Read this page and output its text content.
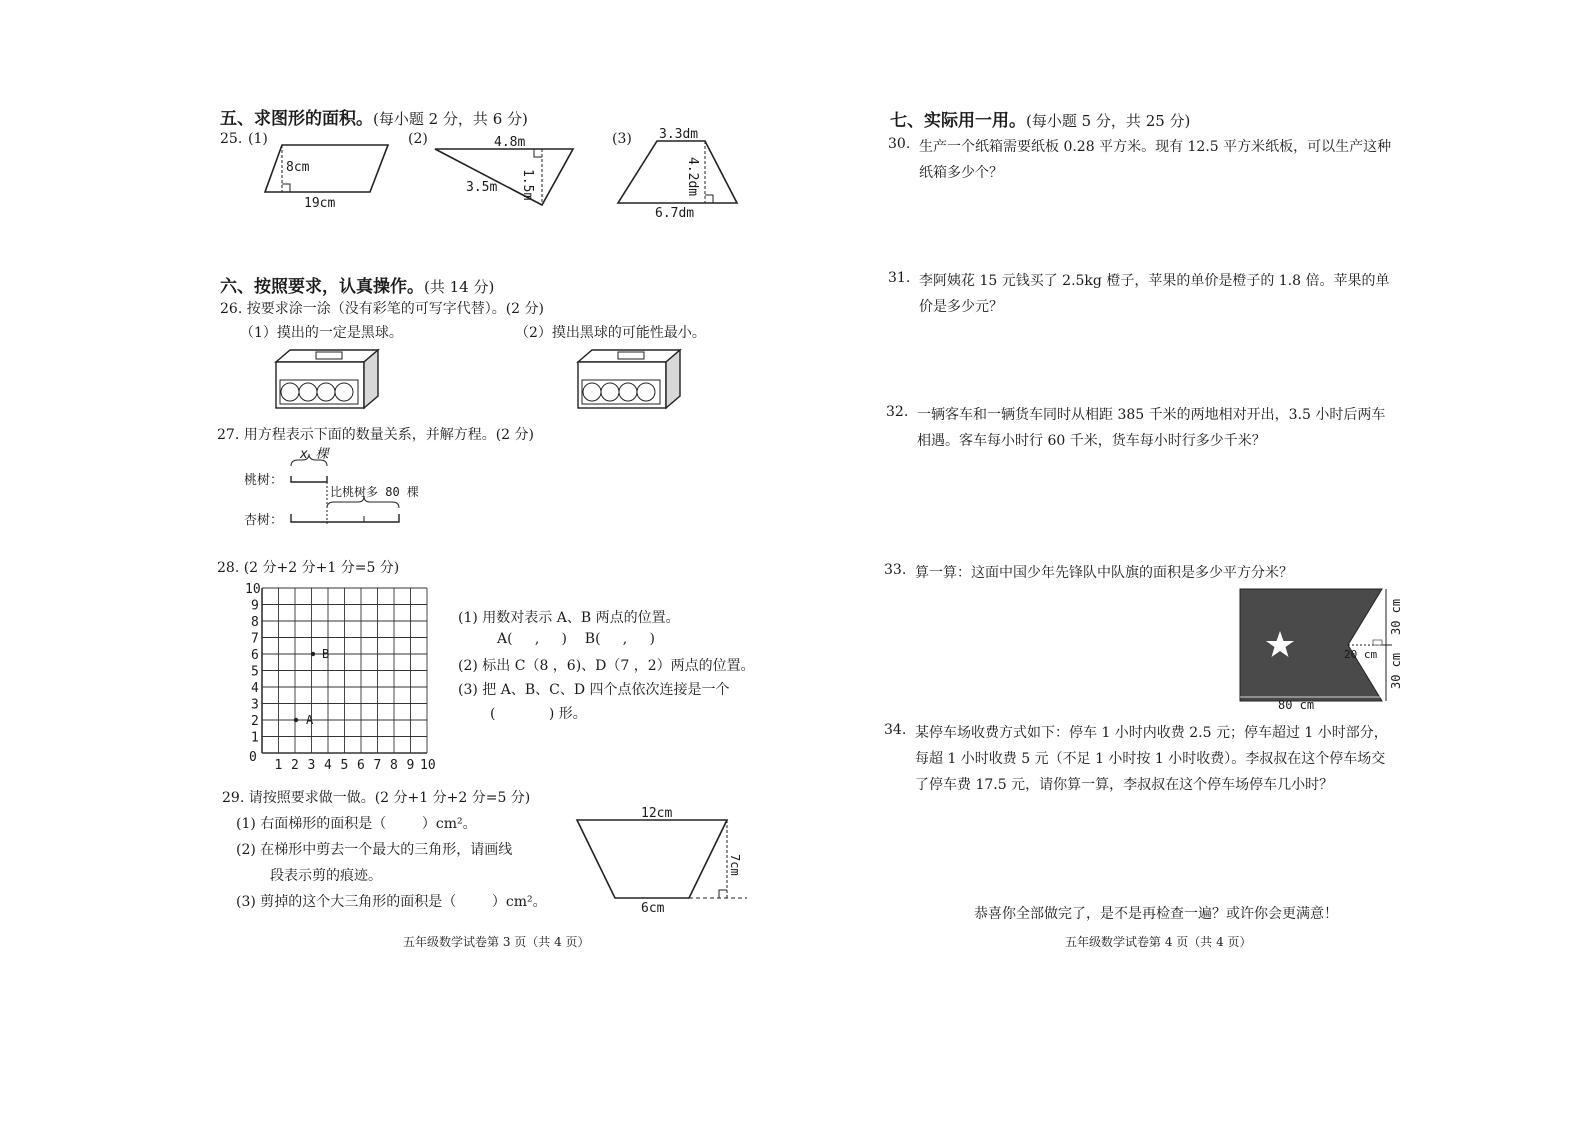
五、求图形的面积。(每小题 2 分，共 6 分)
25. (1)	(2)	(3)
8cm
19cm
4.8m
1.5m
3.5m
3.3dm
4.2dm
6.7dm
六、按照要求，认真操作。(共 14 分)
26. 按要求涂一涂（没有彩笔的可写字代替）。(2 分)
（1）摸出的一定是黑球。	（2）摸出黑球的可能性最小。
27. 用方程表示下面的数量关系，并解方程。(2 分)
x 棵
桃树：
比桃树多 80 棵
杏树：
28. (2 分+2 分+1 分=5 分)
10
9
8
7
6
5
4
3
2
1
1 2 3 4 5 6 7 8 9 10
0
B
A
(1) 用数对表示 A、B 两点的位置。
A(     ,     )    B(     ,     )
(2) 标出 C（8 ，6)、D（7 ，2）两点的位置。
(3) 把 A、B、C、D 四个点依次连接是一个
(            ) 形。
29. 请按照要求做一做。(2 分+1 分+2 分=5 分)
(1) 右面梯形的面积是（        ）cm²。
(2) 在梯形中剪去一个最大的三角形，请画线
段表示剪的痕迹。
(3) 剪掉的这个大三角形的面积是（        ）cm²。
12cm
7cm
6cm
五年级数学试卷第 3 页（共 4 页）
七、实际用一用。(每小题 5 分，共 25 分)
30. 生产一个纸箱需要纸板 0.28 平方米。现有 12.5 平方米纸板，可以生产这种
纸箱多少个？
31. 李阿姨花 15 元钱买了 2.5kg 橙子，苹果的单价是橙子的 1.8 倍。苹果的单
价是多少元？
32. 一辆客车和一辆货车同时从相距 385 千米的两地相对开出，3.5 小时后两车
相遇。客车每小时行 60 千米，货车每小时行多少千米？
33. 算一算：这面中国少年先锋队中队旗的面积是多少平方分米？
20 cm
30 cm
30 cm
80 cm
34. 某停车场收费方式如下：停车 1 小时内收费 2.5 元；停车超过 1 小时部分，
每超 1 小时收费 5 元（不足 1 小时按 1 小时收费）。李叔叔在这个停车场交
了停车费 17.5 元，请你算一算，李叔叔在这个停车场停车几小时？
恭喜你全部做完了，是不是再检查一遍？或许你会更满意！
五年级数学试卷第 4 页（共 4 页）
